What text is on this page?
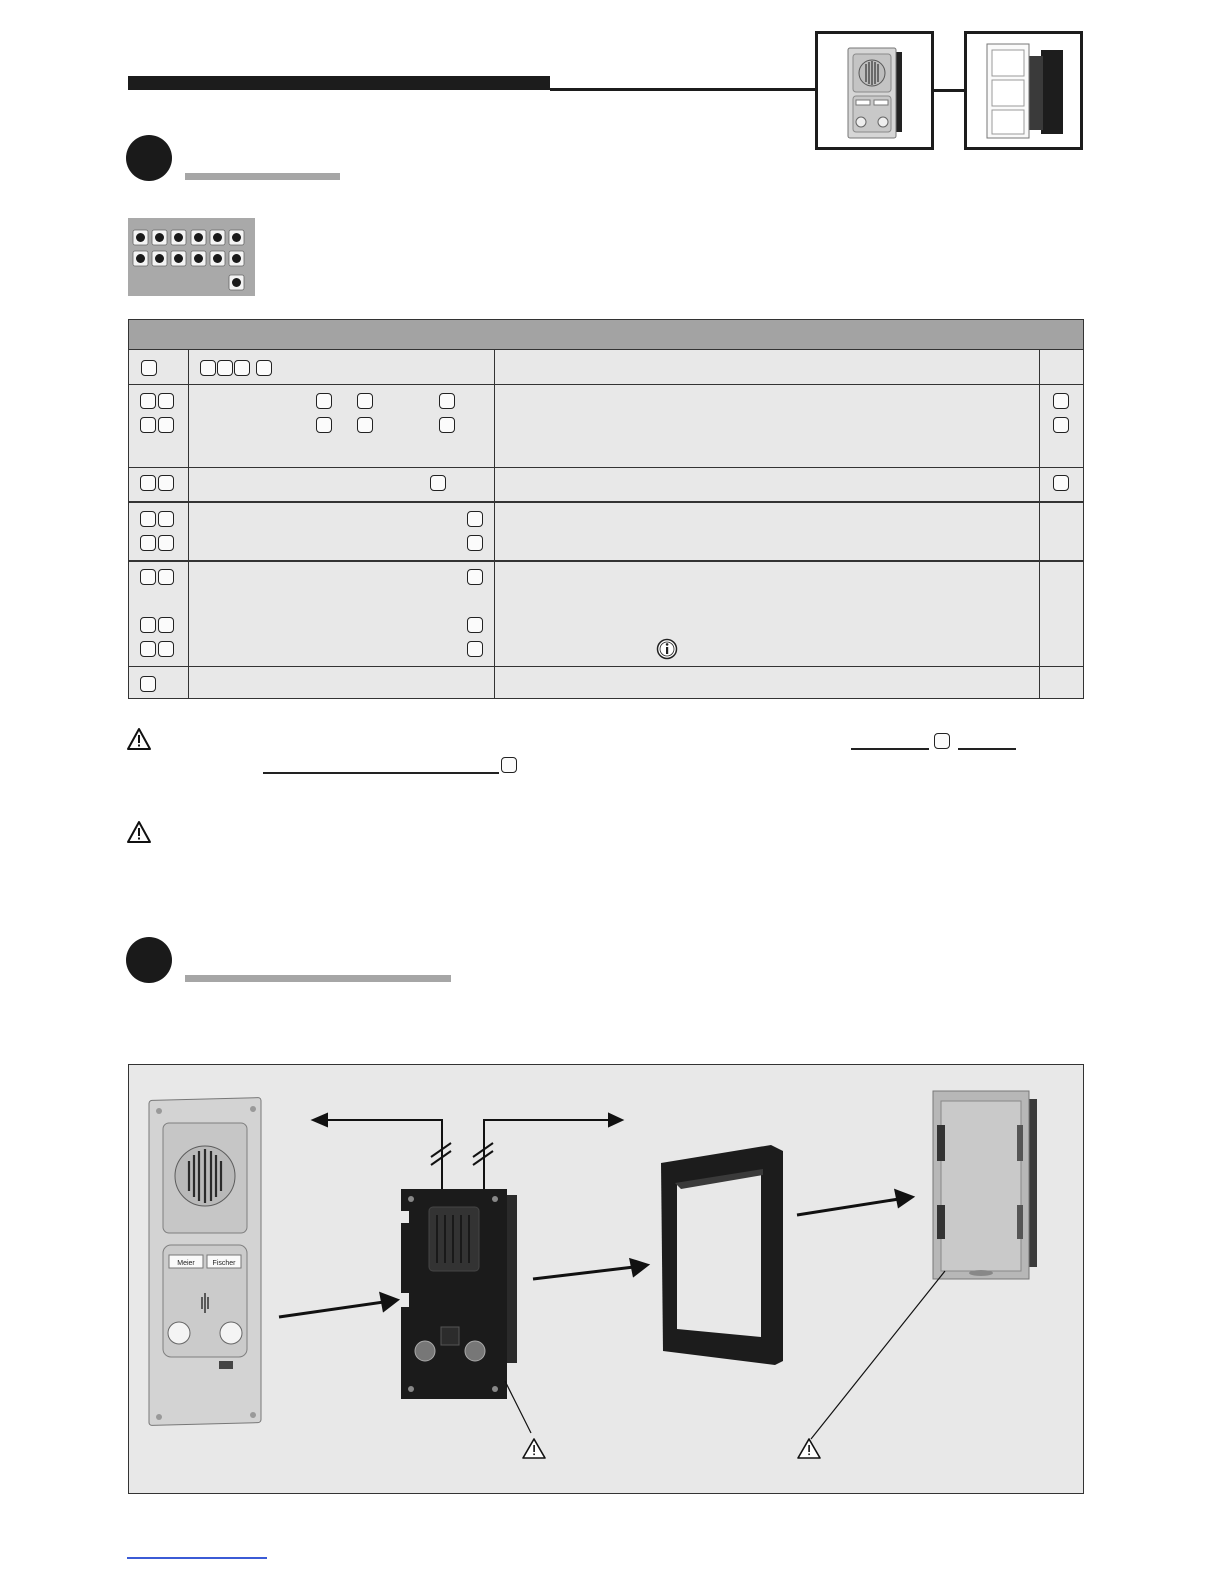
Meier	Fischer
